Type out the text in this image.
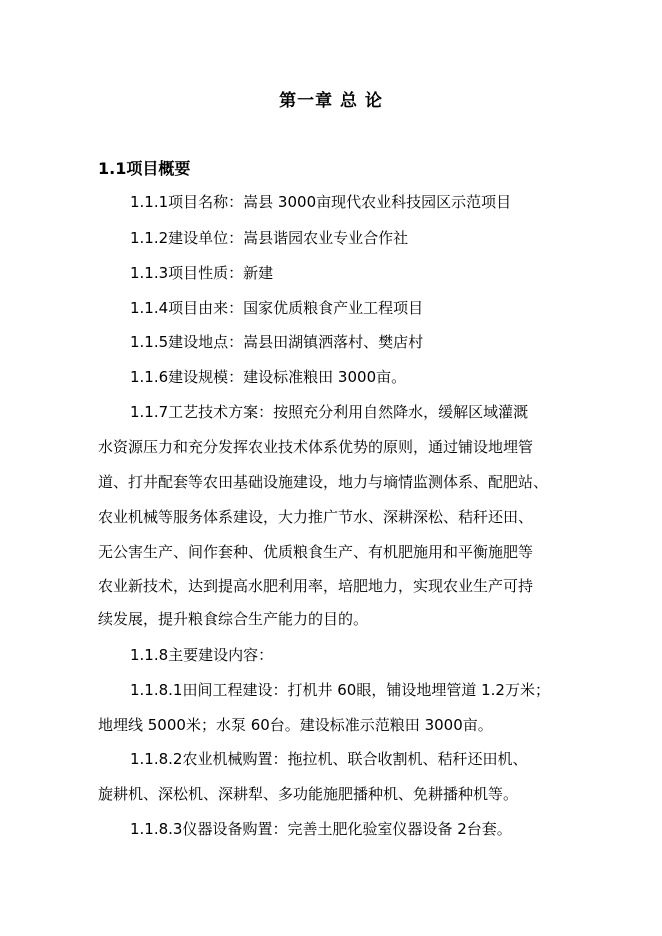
第一章 总 论
1.1项目概要
1.1.1项目名称：嵩县 3000亩现代农业科技园区示范项目
1.1.2建设单位：嵩县谐园农业专业合作社
1.1.3项目性质：新建
1.1.4项目由来：国家优质粮食产业工程项目
1.1.5建设地点：嵩县田湖镇洒落村、樊店村
1.1.6建设规模：建设标准粮田 3000亩。
1.1.7工艺技术方案：按照充分利用自然降水，缓解区域灌溉
水资源压力和充分发挥农业技术体系优势的原则，通过铺设地埋管
道、打井配套等农田基础设施建设，地力与墒情监测体系、配肥站、
农业机械等服务体系建设，大力推广节水、深耕深松、秸秆还田、
无公害生产、间作套种、优质粮食生产、有机肥施用和平衡施肥等
农业新技术，达到提高水肥利用率，培肥地力，实现农业生产可持
续发展，提升粮食综合生产能力的目的。
1.1.8主要建设内容：
1.1.8.1田间工程建设：打机井 60眼，铺设地埋管道 1.2万米；
地埋线 5000米；水泵 60台。建设标准示范粮田 3000亩。
1.1.8.2农业机械购置：拖拉机、联合收割机、秸秆还田机、
旋耕机、深松机、深耕犁、多功能施肥播种机、免耕播种机等。
1.1.8.3仪器设备购置：完善土肥化验室仪器设备 2台套。
